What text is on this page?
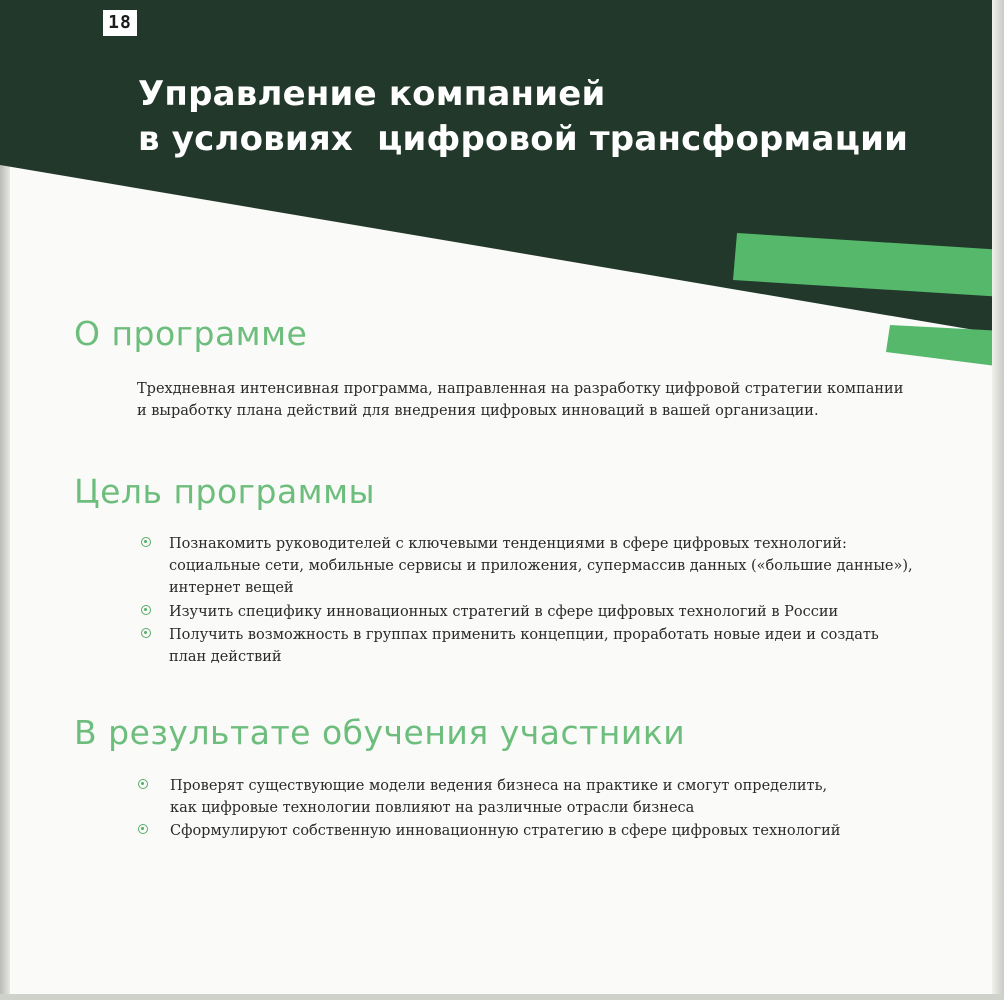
18
Управление компанией
в условиях  цифровой трансформации
О программе

Трехдневная интенсивная программа, направленная на разработку цифровой стратегии компании
и выработку плана действий для внедрения цифровых инноваций в вашей организации.

Цель программы
Познакомить руководителей с ключевыми тенденциями в сфере цифровых технологий:
социальные сети, мобильные сервисы и приложения, супермассив данных («большие данные»),
интернет вещей
Изучить специфику инновационных стратегий в сфере цифровых технологий в России
Получить возможность в группах применить концепции, проработать новые идеи и создать
план действий
В результате обучения участники
Проверят существующие модели ведения бизнеса на практике и смогут определить,
как цифровые технологии повлияют на различные отрасли бизнеса
Сформулируют собственную инновационную стратегию в сфере цифровых технологий
